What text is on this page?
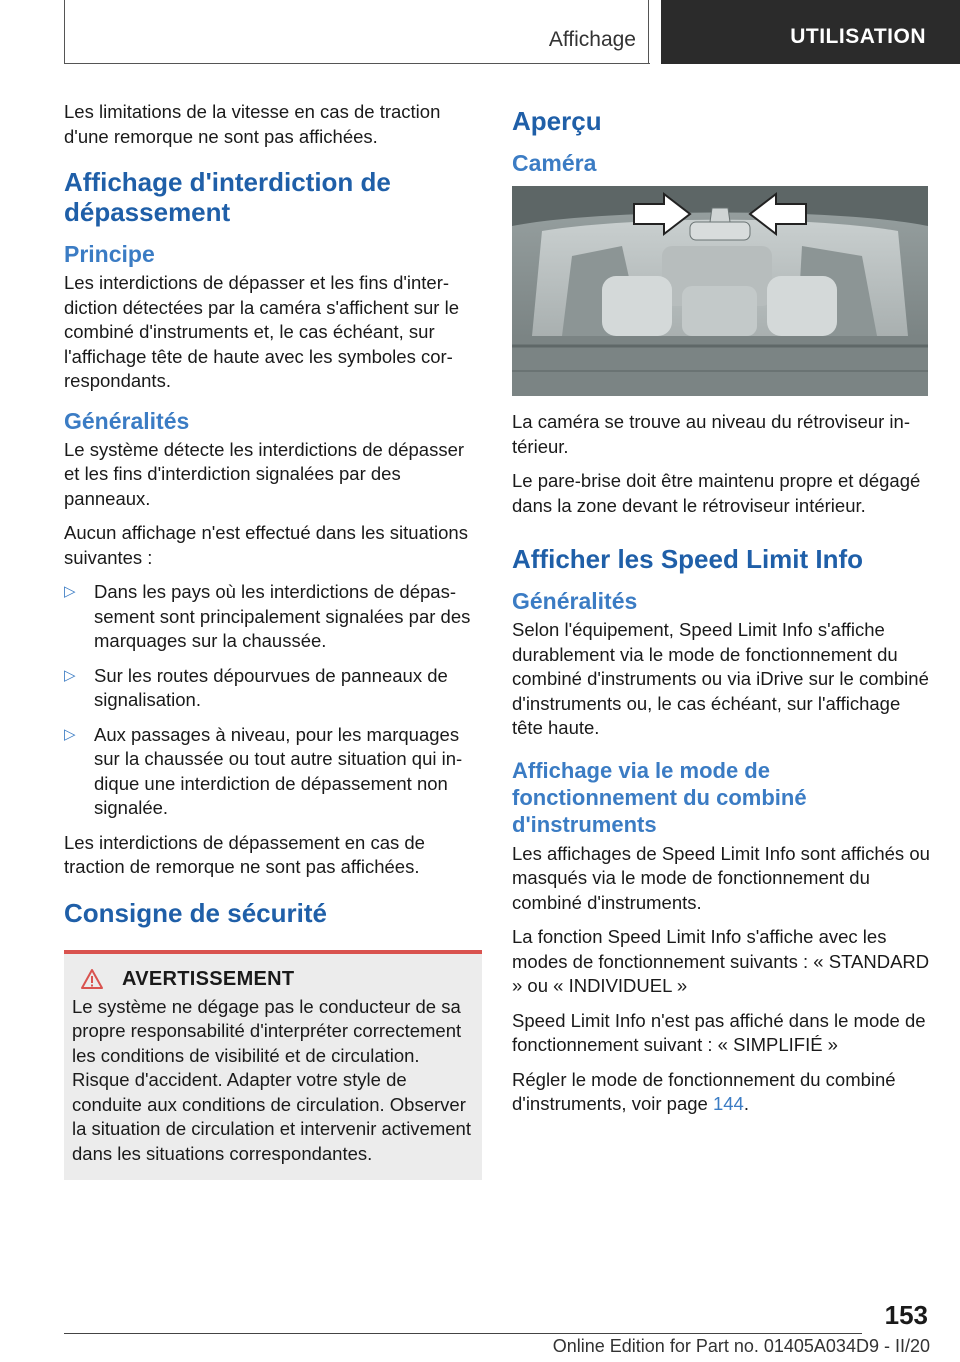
Affichage	UTILISATION

Les limitations de la vitesse en cas de traction d'une remorque ne sont pas affichées.

Affichage d'interdiction de dépassement
Principe

Les interdictions de dépasser et les fins d'interdiction détectées par la caméra s'affichent sur le combiné d'instruments et, le cas échéant, sur l'affichage tête de haute avec les symboles correspondants.

Généralités

Le système détecte les interdictions de dépasser et les fins d'interdiction signalées par des panneaux.

Aucun affichage n'est effectué dans les situations suivantes :

▷ Dans les pays où les interdictions de dépassement sont principalement signalées par des marquages sur la chaussée.
▷ Sur les routes dépourvues de panneaux de signalisation.
▷ Aux passages à niveau, pour les marquages sur la chaussée ou tout autre situation qui indique une interdiction de dépassement non signalée.

Les interdictions de dépassement en cas de traction de remorque ne sont pas affichées.

Consigne de sécurité
AVERTISSEMENT

Le système ne dégage pas le conducteur de sa propre responsabilité d'interpréter correctement les conditions de visibilité et de circulation. Risque d'accident. Adapter votre style de conduite aux conditions de circulation. Observer la situation de circulation et intervenir activement dans les situations correspondantes.

Aperçu
Caméra

La caméra se trouve au niveau du rétroviseur intérieur.

Le pare-brise doit être maintenu propre et dégagé dans la zone devant le rétroviseur intérieur.

Afficher les Speed Limit Info
Généralités

Selon l'équipement, Speed Limit Info s'affiche durablement via le mode de fonctionnement du combiné d'instruments ou via iDrive sur le combiné d'instruments ou, le cas échéant, sur l'affichage tête haute.

Affichage via le mode de fonctionnement du combiné d'instruments

Les affichages de Speed Limit Info sont affichés ou masqués via le mode de fonctionnement du combiné d'instruments.

La fonction Speed Limit Info s'affiche avec les modes de fonctionnement suivants : « STANDARD » ou « INDIVIDUEL »

Speed Limit Info n'est pas affiché dans le mode de fonctionnement suivant : « SIMPLIFIÉ »

Régler le mode de fonctionnement du combiné d'instruments, voir page 144.

153
Online Edition for Part no. 01405A034D9 - II/20
